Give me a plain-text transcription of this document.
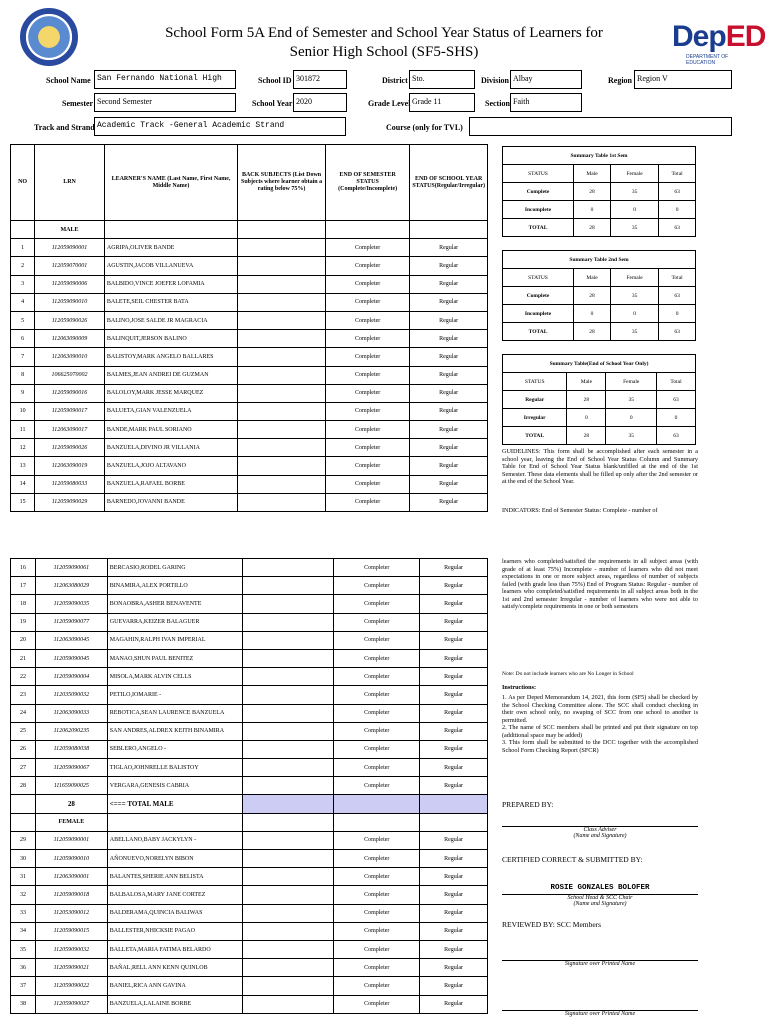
School Form 5A End of Semester and School Year Status of Learners for
Senior High School (SF5-SHS)	DepED
DEPARTMENT OF EDUCATION
School Name San Fernando National High	School ID 301872	District Sto.	Division Albay	Region Region V
Semester Second Semester	School Year 2020	Grade Level Grade 11	Section Faith
Track and Strand Academic Track -General Academic Strand	Course (only for TVL)
NO	LRN	LEARNER'S NAME (Last Name, First Name, Middle Name)	BACK SUBJECTS (List Down Subjects where learner obtain a rating below 75%)	END OF SEMESTER STATUS (Complete/Incomplete)	END OF SCHOOL YEAR STATUS(Regular/Irregular)
	MALE				
1	112059090001	AGRIPA,OLIVER BANDE		Completer	Regular
2	112059070001	AGUSTIN,JACOB VILLANUEVA		Completer	Regular
3	112059090006	BALBIDO,VINCE JOEFER LOFAMIA		Completer	Regular
4	112059090010	BALETE,SEIL CHESTER BATA		Completer	Regular
5	112059090026	BALINO,JOSE SALDE JR MAGRACIA		Completer	Regular
6	112063090009	BALINQUIT,JERSON BALINO		Completer	Regular
7	112063090010	BALISTOY,MARK ANGELO BALLARES		Completer	Regular
8	106625070002	BALMES,JEAN ANDREI DE GUZMAN		Completer	Regular
9	112059090016	BALOLOY,MARK JESSE MARQUEZ		Completer	Regular
10	112059090017	BALUETA,GIAN VALENZUELA		Completer	Regular
11	112063090017	BANDE,MARK PAUL SORIANO		Completer	Regular
12	112059090026	BANZUELA,DIVINO JR VILLANIA		Completer	Regular
13	112063090019	BANZUELA,JOJO ALTAVANO		Completer	Regular
14	112059080033	BANZUELA,RAFAEL BORBE		Completer	Regular
15	112059090029	BARNEDO,JOVANNI BANDE		Completer	Regular
Summary Table 1st Sem			
STATUS	Male	Female	Total
Complete	28	35	63
Incomplete	0	0	0
TOTAL	28	35	63
Summary Table 2nd Sem			
STATUS	Male	Female	Total
Complete	28	35	63
Incomplete	0	0	0
TOTAL	28	35	63
Summary Table(End of School Year Only)			
STATUS	Male	Female	Total
Regular	28	35	63
Irregular	0	0	0
TOTAL	28	35	63
GUIDELINES: This form shall be accomplished after each semester in a school year, leaving the End of School Year Status Column and Summary Table for End of School Year Status blank/unfilled at the end of the 1st Semester. These data elements shall be filled up only after the 2nd semester or at the end of the School Year.
INDICATORS: End of Semester Status: Complete - number of
16	112059090061	BERCASIO,RODEL GARING		Completer	Regular
17	112063080029	BINAMIRA,ALEX PORTILLO		Completer	Regular
18	112059090035	BONAOBRA,ASHER BENAVENTE		Completer	Regular
19	112059090077	GUEVARRA,KEIZER BALAGUER		Completer	Regular
20	112063090045	MAGAHIN,RALPH IVAN IMPERIAL		Completer	Regular
21	112059090045	MANAO,SHUN PAUL BENITEZ		Completer	Regular
22	112059090004	MISOLA,MARK ALVIN CELLS		Completer	Regular
23	112035090032	PETILO,IOMARIE -		Completer	Regular
24	112063090033	REBOTICA,SEAN LAURENCE BANZUELA		Completer	Regular
25	112062090235	SAN ANDRES,ALDREX KEITH BINAMIRA		Completer	Regular
26	112059080038	SEBLERO,ANGELO -		Completer	Regular
27	112059090067	TIGLAO,JOHNRELLE BALISTOY		Completer	Regular
28	111659090025	VERGARA,GENESIS CABRIA		Completer	Regular
	28	<=== TOTAL MALE			
	FEMALE				
29	112059090001	ABELLANO,BABY JACKYLYN -		Completer	Regular
30	112059090010	AÑONUEVO,NORELYN BIBON		Completer	Regular
31	112063090001	BALANTES,SHERIE ANN BELISTA		Completer	Regular
32	112059090018	BALBALOSA,MARY JANE CORTEZ		Completer	Regular
33	112053090012	BALDERAMA,QUINCIA BALIWAS		Completer	Regular
34	112059090015	BALLESTER,NHICKSIE PAGAO		Completer	Regular
35	112059090032	BALLETA,MARIA FATIMA BELARDO		Completer	Regular
36	112059090021	BAÑAL,RELL ANN KENN QUINLOB		Completer	Regular
37	112059090022	BANIEL,RICA ANN GAVINA		Completer	Regular
38	112059090027	BANZUELA,LALAINE BORBE		Completer	Regular
learners who completed/satisfied the requirements in all subject areas (with grade of at least 75%) Incomplete - number of learners who did not meet expectations in one or more subject areas, regardless of number of subjects failed (with grade less than 75%) End of Program Status: Regular - number of learners who completed/satisfied requirements in all subject areas both in the 1st and 2nd semester Irregular - number of learners who were not able to satisfy/complete requirements in one or both semesters
Note: Do not include learners who are No Longer in School
Instructions:
1. As per Deped Memorandum 14, 2021, this form (SF5) shall be checked by the School Checking Committee alone. The SCC shall conduct checking in their own school only, no swaping of SCC from one school to another is permitted.
2. The name of SCC members shall be printed and put their signature on top (additional space may be added)
3. This form shall be submitted to the DCC together with the accomplished School Form Checking Report (SFCR)
PREPARED BY:
Class Adviser
(Name and Signature)
CERTIFIED CORRECT & SUBMITTED BY:
ROSIE GONZALES BOLOFER
School Head & SCC Chair
(Name and Signature)
REVIEWED BY: SCC Members
Signature over Printed Name
Signature over Printed Name
